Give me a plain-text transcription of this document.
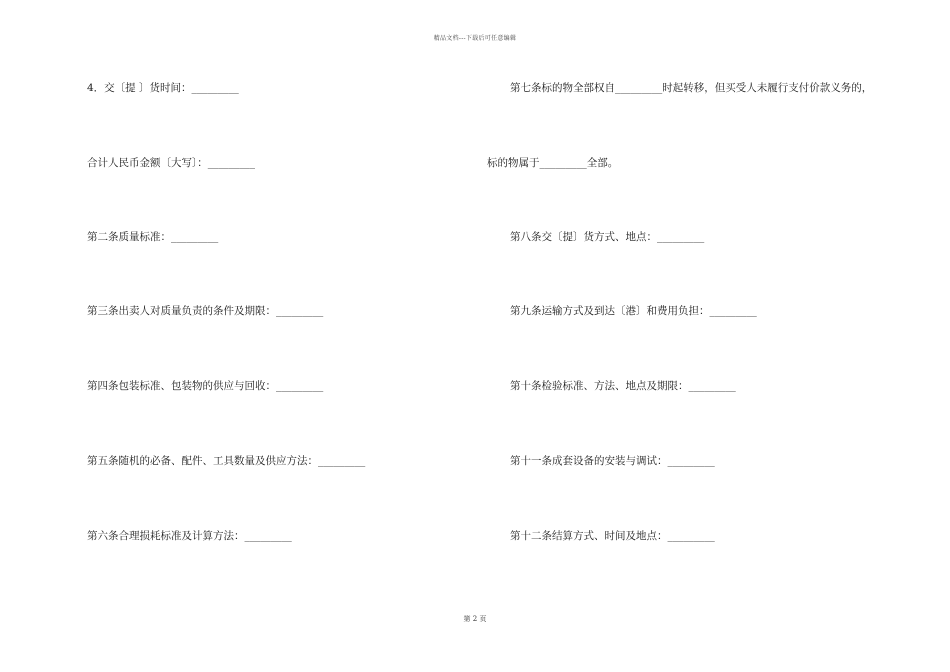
精品文档---下载后可任意编辑
4．交〔提 〕货时间：_________
合计人民币金额〔大写〕：_________
第二条质量标准：_________
第三条出卖人对质量负责的条件及期限：_________
第四条包装标准、包装物的供应与回收：_________
第五条随机的必备、配件、工具数量及供应方法：_________
第六条合理损耗标准及计算方法：_________
第七条标的物全部权自_________时起转移，但买受人未履行支付价款义务的，
标的物属于_________全部。
第八条交〔提〕货方式、地点：_________
第九条运输方式及到达〔港〕和费用负担：_________
第十条检验标准、方法、地点及期限：_________
第十一条成套设备的安装与调试：_________
第十二条结算方式、时间及地点：_________
第 2 页
